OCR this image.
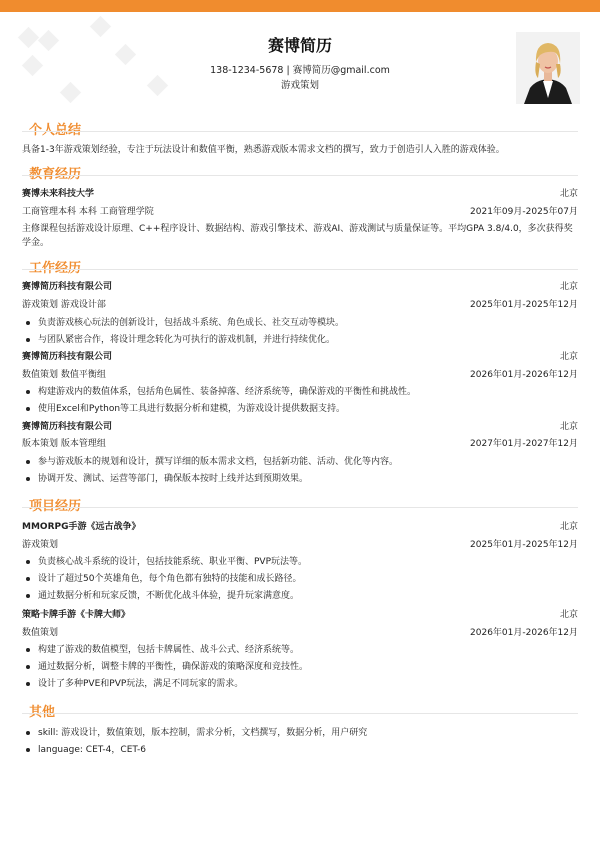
赛博简历
138-1234-5678 | 赛博简历@gmail.com
游戏策划
个人总结
具备1-3年游戏策划经验，专注于玩法设计和数值平衡，熟悉游戏版本需求文档的撰写，致力于创造引人入胜的游戏体验。
教育经历
赛博未来科技大学	北京
工商管理本科 本科 工商管理学院	2021年09月-2025年07月
主修课程包括游戏设计原理、C++程序设计、数据结构、游戏引擎技术、游戏AI、游戏测试与质量保证等。平均GPA 3.8/4.0，多次获得奖学金。
工作经历
赛博简历科技有限公司	北京
游戏策划 游戏设计部	2025年01月-2025年12月
负责游戏核心玩法的创新设计，包括战斗系统、角色成长、社交互动等模块。
与团队紧密合作，将设计理念转化为可执行的游戏机制，并进行持续优化。
赛博简历科技有限公司	北京
数值策划 数值平衡组	2026年01月-2026年12月
构建游戏内的数值体系，包括角色属性、装备掉落、经济系统等，确保游戏的平衡性和挑战性。
使用Excel和Python等工具进行数据分析和建模，为游戏设计提供数据支持。
赛博简历科技有限公司	北京
版本策划 版本管理组	2027年01月-2027年12月
参与游戏版本的规划和设计，撰写详细的版本需求文档，包括新功能、活动、优化等内容。
协调开发、测试、运营等部门，确保版本按时上线并达到预期效果。
项目经历
MMORPG手游《远古战争》	北京
游戏策划	2025年01月-2025年12月
负责核心战斗系统的设计，包括技能系统、职业平衡、PVP玩法等。
设计了超过50个英雄角色，每个角色都有独特的技能和成长路径。
通过数据分析和玩家反馈，不断优化战斗体验，提升玩家满意度。
策略卡牌手游《卡牌大师》	北京
数值策划	2026年01月-2026年12月
构建了游戏的数值模型，包括卡牌属性、战斗公式、经济系统等。
通过数据分析，调整卡牌的平衡性，确保游戏的策略深度和竞技性。
设计了多种PVE和PVP玩法，满足不同玩家的需求。
其他
skill: 游戏设计，数值策划，版本控制，需求分析，文档撰写，数据分析，用户研究
language: CET-4，CET-6
